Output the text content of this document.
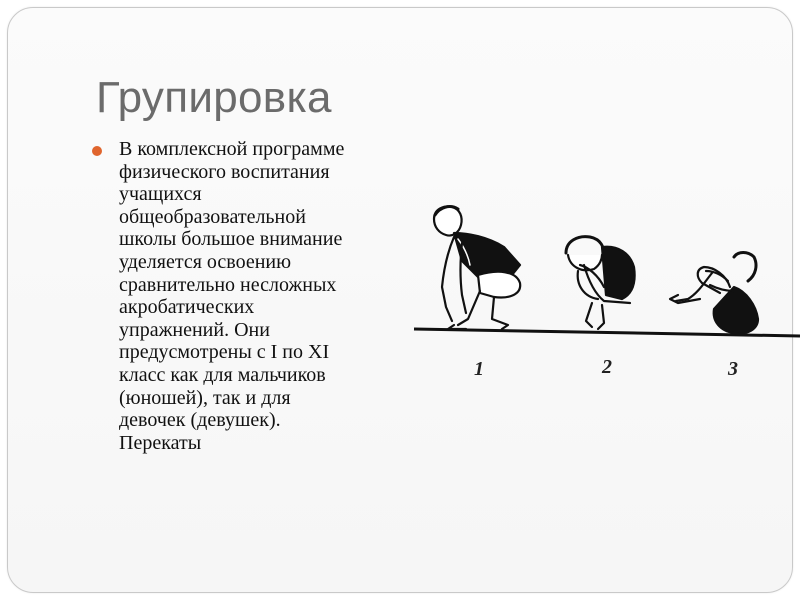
Групировка

В комплексной программе
физического воспитания
учащихся
общеобразовательной
школы большое внимание
уделяется освоению
сравнительно несложных
акробатических
упражнений. Они
предусмотрены с I по XI
класс как для мальчиков
(юношей), так и для
девочек (девушек).
Перекаты

1	2	3
